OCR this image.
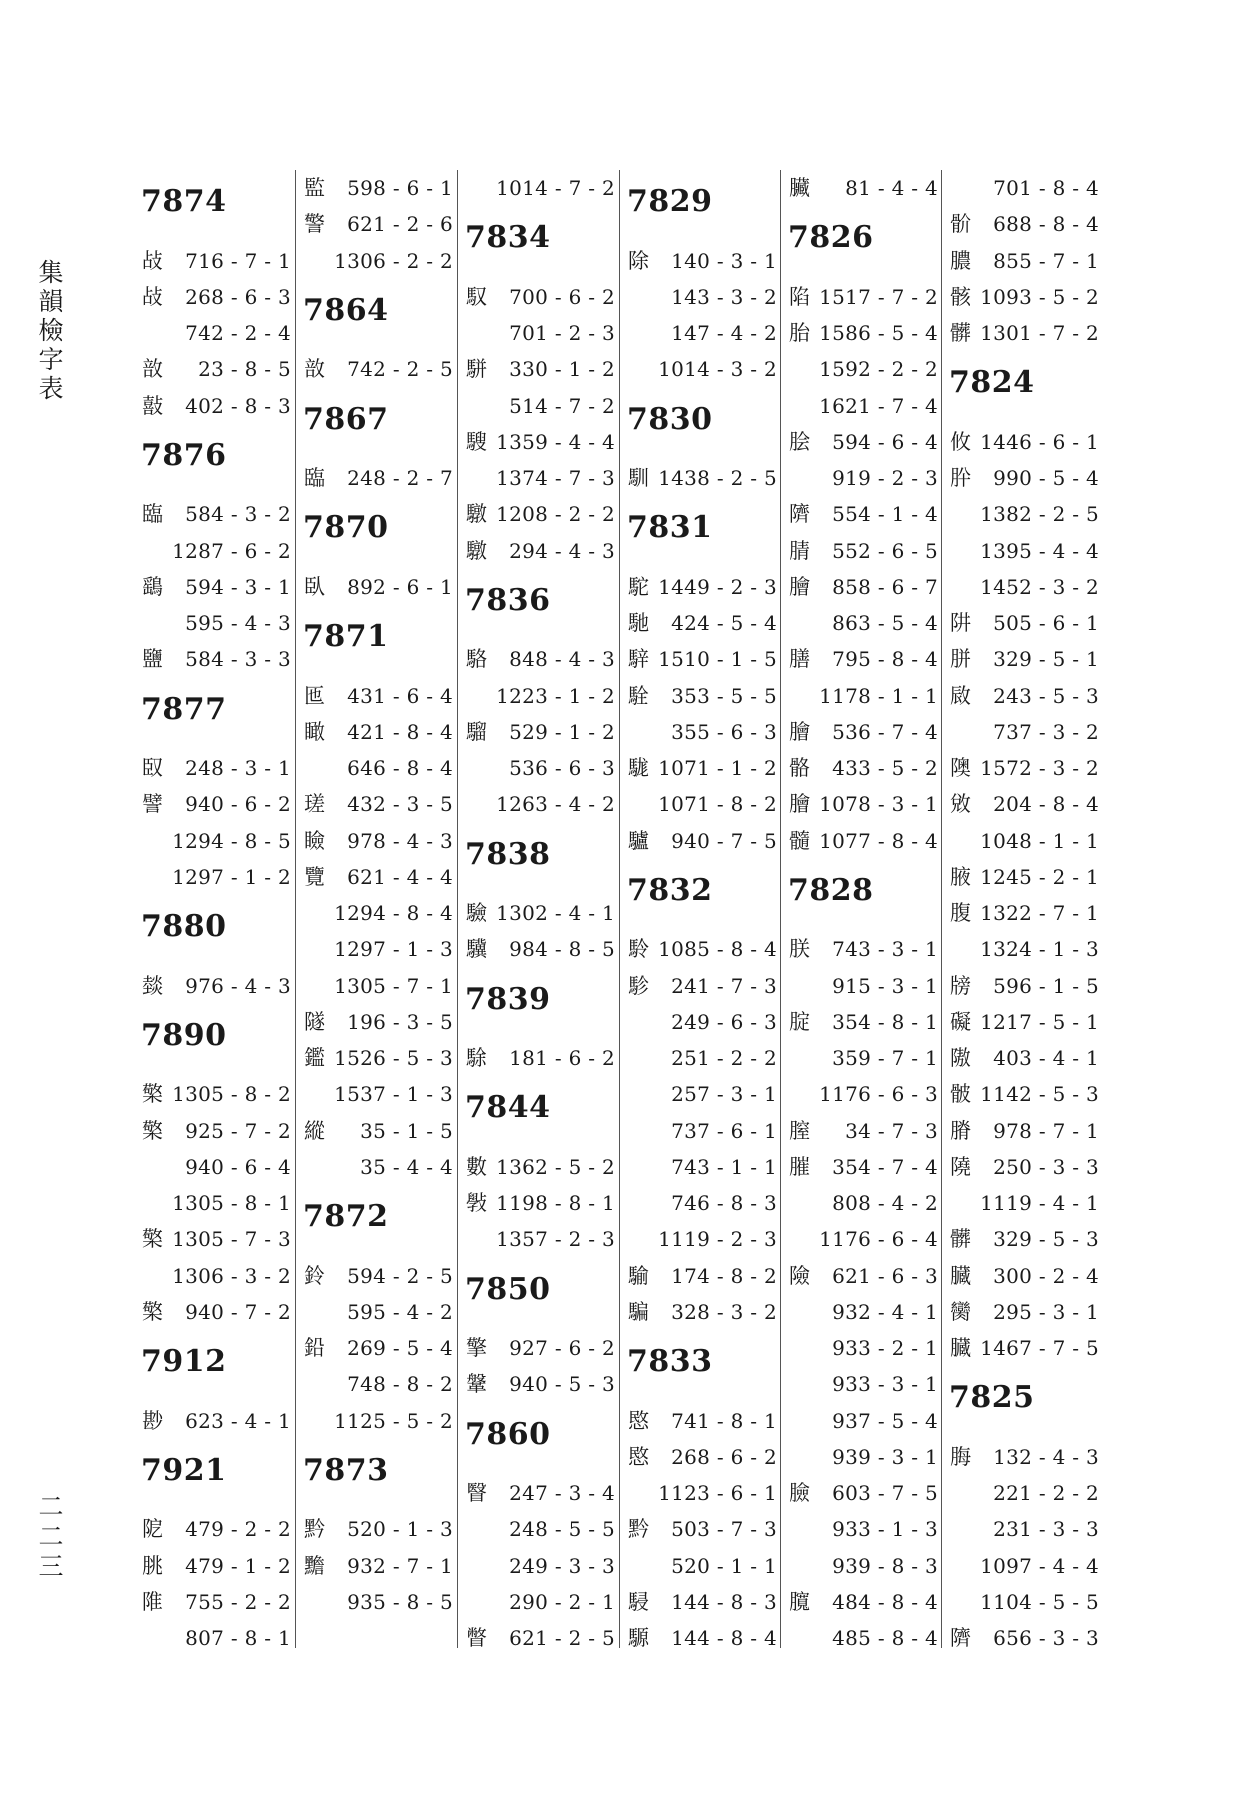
集
韻
檢
字
表
二
二
三
7874
敁 716 - 7 - 1
敁 268 - 6 - 3
742 - 2 - 4
敨 23 - 8 - 5
敼 402 - 8 - 3
7876
臨 584 - 3 - 2
1287 - 6 - 2
鷂 594 - 3 - 1
595 - 4 - 3
鹽 584 - 3 - 3
7877
臤 248 - 3 - 1
譬 940 - 6 - 2
1294 - 8 - 5
1297 - 1 - 2
7880
燅 976 - 4 - 3
7890
檠 1305 - 8 - 2
檠 925 - 7 - 2
940 - 6 - 4
1305 - 8 - 1
檠 1305 - 7 - 3
1306 - 3 - 2
檠 940 - 7 - 2
7912
尠 623 - 4 - 1
7921
阸 479 - 2 - 2
朓 479 - 1 - 2
陮 755 - 2 - 2
807 - 8 - 1
監 598 - 6 - 1
警 621 - 2 - 6
1306 - 2 - 2
7864
敨 742 - 2 - 5
7867
臨 248 - 2 - 7
7870
臥 892 - 6 - 1
7871
匜 431 - 6 - 4
瞰 421 - 8 - 4
646 - 8 - 4
瑳 432 - 3 - 5
瞼 978 - 4 - 3
覽 621 - 4 - 4
1294 - 8 - 4
1297 - 1 - 3
1305 - 7 - 1
隧 196 - 3 - 5
鑑 1526 - 5 - 3
1537 - 1 - 3
縱 35 - 1 - 5
35 - 4 - 4
7872
鈴 594 - 2 - 5
595 - 4 - 2
鉛 269 - 5 - 4
748 - 8 - 2
1125 - 5 - 2
7873
黔 520 - 1 - 3
黵 932 - 7 - 1
935 - 8 - 5
1014 - 7 - 2
7834
馭 700 - 6 - 2
701 - 2 - 3
駢 330 - 1 - 2
514 - 7 - 2
騪 1359 - 4 - 4
1374 - 7 - 3
驐 1208 - 2 - 2
驐 294 - 4 - 3
7836
駱 848 - 4 - 3
1223 - 1 - 2
騮 529 - 1 - 2
536 - 6 - 3
1263 - 4 - 2
7838
驗 1302 - 4 - 1
驥 984 - 8 - 5
7839
駼 181 - 6 - 2
7844
數 1362 - 5 - 2
斅 1198 - 8 - 1
1357 - 2 - 3
7850
擎 927 - 6 - 2
鞶 940 - 5 - 3
7860
瞖 247 - 3 - 4
248 - 5 - 5
249 - 3 - 3
290 - 2 - 1
瞥 621 - 2 - 5
7829
除 140 - 3 - 1
143 - 3 - 2
147 - 4 - 2
1014 - 3 - 2
7830
馴 1438 - 2 - 5
7831
駝 1449 - 2 - 3
馳 424 - 5 - 4
騂 1510 - 1 - 5
駩 353 - 5 - 5
355 - 6 - 3
駹 1071 - 1 - 2
1071 - 8 - 2
驢 940 - 7 - 5
7832
駖 1085 - 8 - 4
駗 241 - 7 - 3
249 - 6 - 3
251 - 2 - 2
257 - 3 - 1
737 - 6 - 1
743 - 1 - 1
746 - 8 - 3
1119 - 2 - 3
騟 174 - 8 - 2
騙 328 - 3 - 2
7833
愍 741 - 8 - 1
愍 268 - 6 - 2
1123 - 6 - 1
黔 503 - 7 - 3
520 - 1 - 1
駸 144 - 8 - 3
騵 144 - 8 - 4
臟 81 - 4 - 4
7826
陷 1517 - 7 - 2
胎 1586 - 5 - 4
1592 - 2 - 2
1621 - 7 - 4
脍 594 - 6 - 4
919 - 2 - 3
隮 554 - 1 - 4
腈 552 - 6 - 5
膾 858 - 6 - 7
863 - 5 - 4
膳 795 - 8 - 4
1178 - 1 - 1
膾 536 - 7 - 4
骼 433 - 5 - 2
膾 1078 - 3 - 1
髓 1077 - 8 - 4
7828
朕 743 - 3 - 1
915 - 3 - 1
腚 354 - 8 - 1
359 - 7 - 1
1176 - 6 - 3
膣 34 - 7 - 3
膗 354 - 7 - 4
808 - 4 - 2
1176 - 6 - 4
險 621 - 6 - 3
932 - 4 - 1
933 - 2 - 1
933 - 3 - 1
937 - 5 - 4
939 - 3 - 1
臉 603 - 7 - 5
933 - 1 - 3
939 - 8 - 3
臗 484 - 8 - 4
485 - 8 - 4
701 - 8 - 4
骱 688 - 8 - 4
膿 855 - 7 - 1
骸 1093 - 5 - 2
髒 1301 - 7 - 2
7824
攸 1446 - 6 - 1
肸 990 - 5 - 4
1382 - 2 - 5
1395 - 4 - 4
1452 - 3 - 2
阱 505 - 6 - 1
胼 329 - 5 - 1
敐 243 - 5 - 3
737 - 3 - 2
隩 1572 - 3 - 2
敓 204 - 8 - 4
1048 - 1 - 1
腋 1245 - 2 - 1
腹 1322 - 7 - 1
1324 - 1 - 3
牓 596 - 1 - 5
礙 1217 - 5 - 1
隞 403 - 4 - 1
骳 1142 - 5 - 3
膌 978 - 7 - 1
隢 250 - 3 - 3
1119 - 4 - 1
髒 329 - 5 - 3
臓 300 - 2 - 4
臠 295 - 3 - 1
臓 1467 - 7 - 5
7825
脢 132 - 4 - 3
221 - 2 - 2
231 - 3 - 3
1097 - 4 - 4
1104 - 5 - 5
隮 656 - 3 - 3
